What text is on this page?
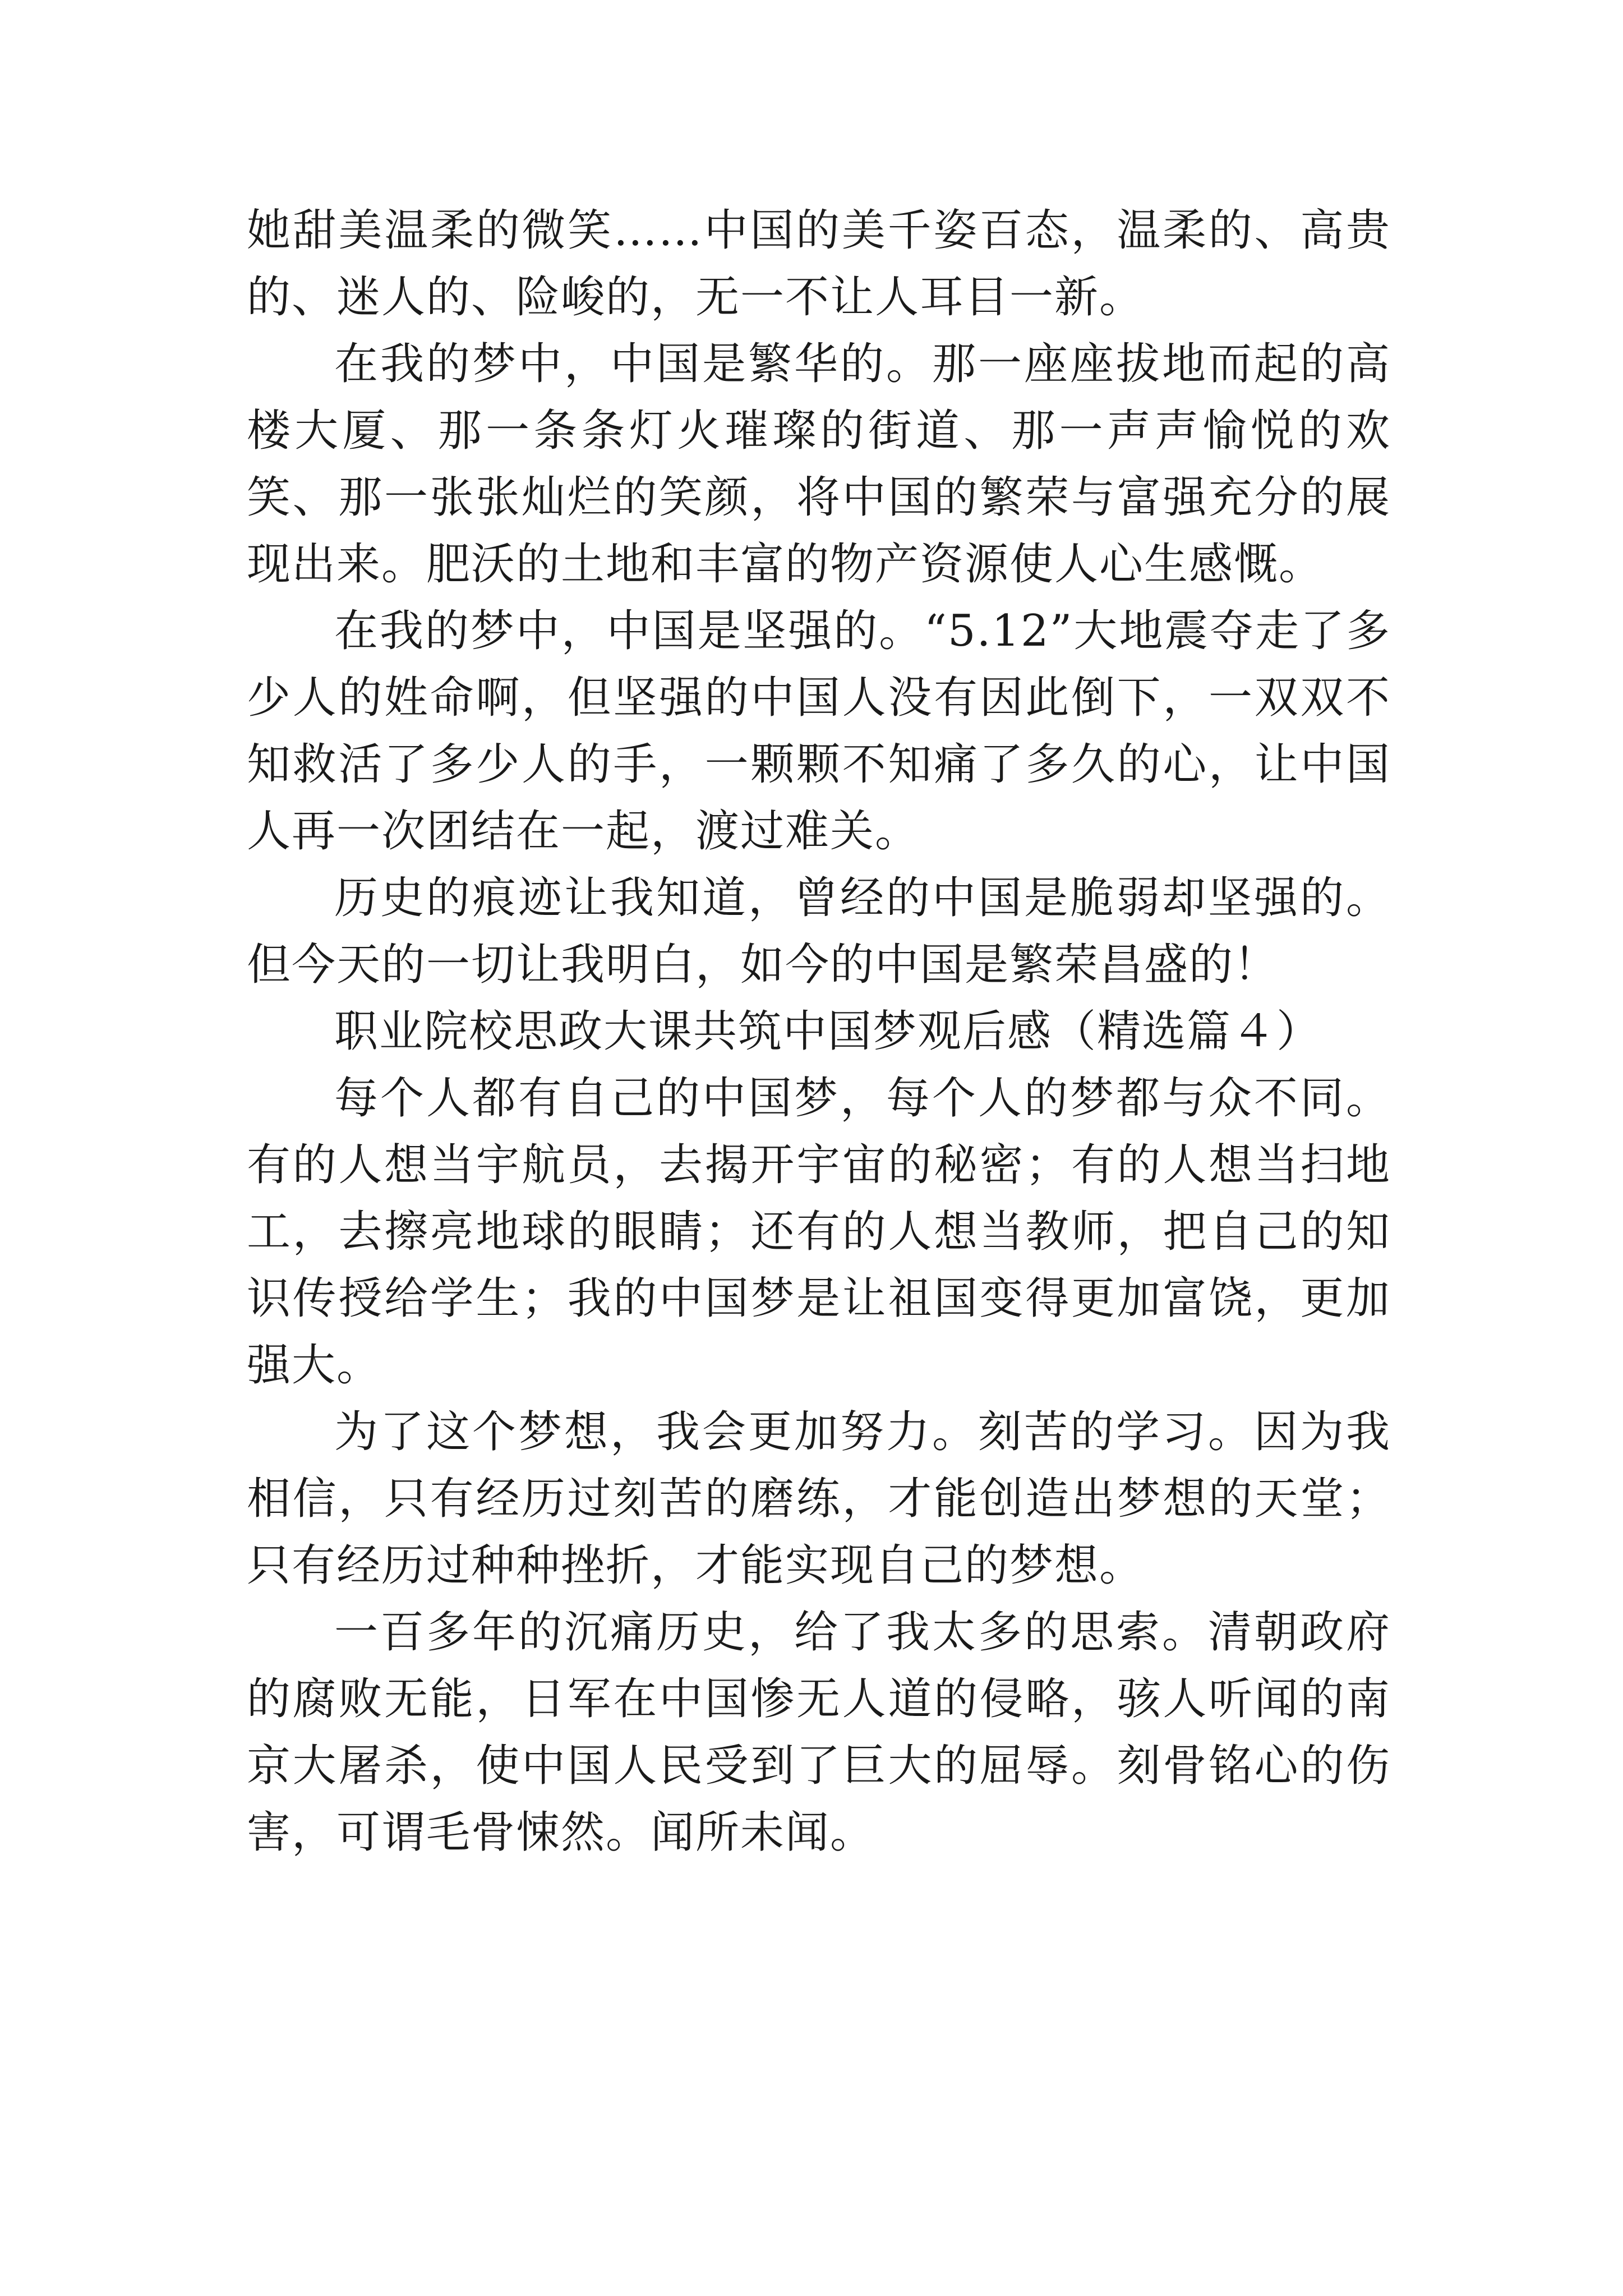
她甜美温柔的微笑……中国的美千姿百态，温柔的、高贵的、迷人的、险峻的，无一不让人耳目一新。

在我的梦中，中国是繁华的。那一座座拔地而起的高楼大厦、那一条条灯火璀璨的街道、那一声声愉悦的欢笑、那一张张灿烂的笑颜，将中国的繁荣与富强充分的展现出来。肥沃的土地和丰富的物产资源使人心生感慨。

在我的梦中，中国是坚强的。“5.12”大地震夺走了多少人的姓命啊，但坚强的中国人没有因此倒下，一双双不知救活了多少人的手，一颗颗不知痛了多久的心，让中国人再一次团结在一起，渡过难关。

历史的痕迹让我知道，曾经的中国是脆弱却坚强的。但今天的一切让我明白，如今的中国是繁荣昌盛的！

职业院校思政大课共筑中国梦观后感（精选篇４）

每个人都有自己的中国梦，每个人的梦都与众不同。有的人想当宇航员，去揭开宇宙的秘密；有的人想当扫地工，去擦亮地球的眼睛；还有的人想当教师，把自己的知识传授给学生；我的中国梦是让祖国变得更加富饶，更加强大。

为了这个梦想，我会更加努力。刻苦的学习。因为我相信，只有经历过刻苦的磨练，才能创造出梦想的天堂；只有经历过种种挫折，才能实现自己的梦想。

一百多年的沉痛历史，给了我太多的思索。清朝政府的腐败无能，日军在中国惨无人道的侵略，骇人听闻的南京大屠杀，使中国人民受到了巨大的屈辱。刻骨铭心的伤害，可谓毛骨悚然。闻所未闻。
